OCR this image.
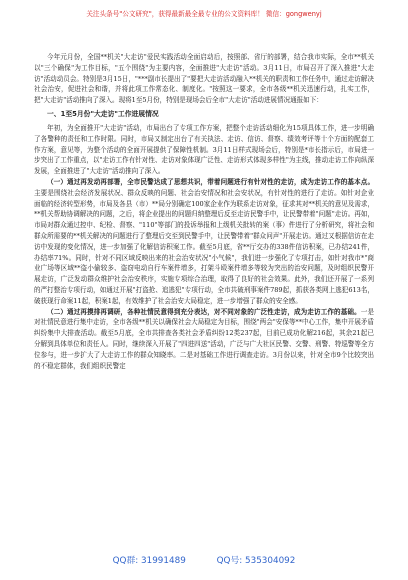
关注头条号"公文研究"，获得最新最全最专业的公文资料库！ 微信：gongwenyj

今年元月份，全国**机关"大走访"爱民实践活动全面启动后，按照部、省厅的部署，结合我市实际，全市**机关以"三个确保"为工作目标，"五个围绕"为主要内容，全面推进"大走访"活动。3月11日，市局召开了深入推进"大走访"活动动员会。特别是3月15日，"***副市长提出了"要把大走访活动融入**机关的职责和工作任务中，通过走访解决社会治安，促进社会和谐，并将此项工作常态化、制度化。"按照这一要求，全市各级**机关迅速行动，扎实工作，把"大走访"活动推向了深入。现将1至5月份，特别是现场会后全市"大走访"活动进展情况通报如下：

一、1至5月份"大走访"工作进展情况

年初，为全面推开"大走访"活动，市局出台了专项工作方案，把整个走访活动细化为15项具体工作，进一步明确了各警种的责任和工作时限。同时，市局又制定出台了有关执法、走访、信访、督察、绩效考评等十个方面的配套工作方案，意见等，为整个活动的全面开展提供了保障性机制。3月11日样式现场会后，特别是*市长指示后，市局进一步突出了工作重点，以"走访工作有针对性、走访对象体现广泛性、走访形式体现多样性"为主线，推动走访工作向纵深发展，全面推进了"大走访"活动推向了深入。

（一）通过再发动再部署，全市民警达成了思想共识，带着问题进行有针对性的走访，成为走访工作的基本点。主要是围绕社会经济发展状况、群众反映的问题、社会治安情况和社会安状况，有针对性的进行了走访。如针对企业面临的经济转型形势，市局及各县（市）**局分别确定100家企业作为联系走访对象，征求其对**机关的意见及需求，**机关帮助协调解决的问题，之后，将企业提出的问题归纳整理后反至走访民警手中，让民警带着"问题"走访。再如，市局对群众通过控申、纪检、督察、"110"等部门的投诉举报和上级机关批转的案（事）件进行了分析研究，将社会和群众所需要的**机关解决的问题进行了整理后交至到民警手中，让民警带着"群众问声"开展走访。通过又根据信访在走访中发现的变化情况，进一步加强了化解信访积案工作。截至5月底，省**厅交办的338件信访积案，已办结241件，办结率71%。同时，针对不同区域反映出来的社会治安状况"小气候"，我们进一步强化了专项打击，如针对我市*"商业广场等区域**盗小偷较多、盗窃电动自行车案件增多，打架斗殴案件增多等较为突出的治安问题，及时组织民警开展走访，广泛发动群众维护社会治安秩序，实施专项综合治理，取得了良好的社会效果。此外，我们还开展了一系列的严打整治专项行动，如通过开展"打盗抢、追逃犯"专项行动，全市共破刑事案件789起，抓获各类网上逃犯613名，破获现行命案11起，积案1起，有效维护了社会治安大局稳定，进一步增强了群众的安全感。

（二）通过再摸排再调研，各种社情民意得到充分表达，对不同对象的广泛性走访，成为走访工作的基础。一是对社情民意进行集中走访，全市各级**机关以确保社会大局稳定为目标，围绕"两会"安保等**中心工作，集中开展矛盾纠纷集中大排查活动。截至5月底，全市共排查各类社会矛盾纠纷12类237起，目前已成功化解216起，其余21起已分解到具体单位和责任人。同时，继续深入开展了"四进四送"活动，广泛与广大社区民警、交警、刑警、特巡警等全方位参与，进一步扩大了大走访工作的群众知晓率。二是对基础工作进行调查走访。3月份以来，针对全市9个比较突出的不稳定群体，我们组织民警定

QQ群: 31991489	QQ号: 535304092
